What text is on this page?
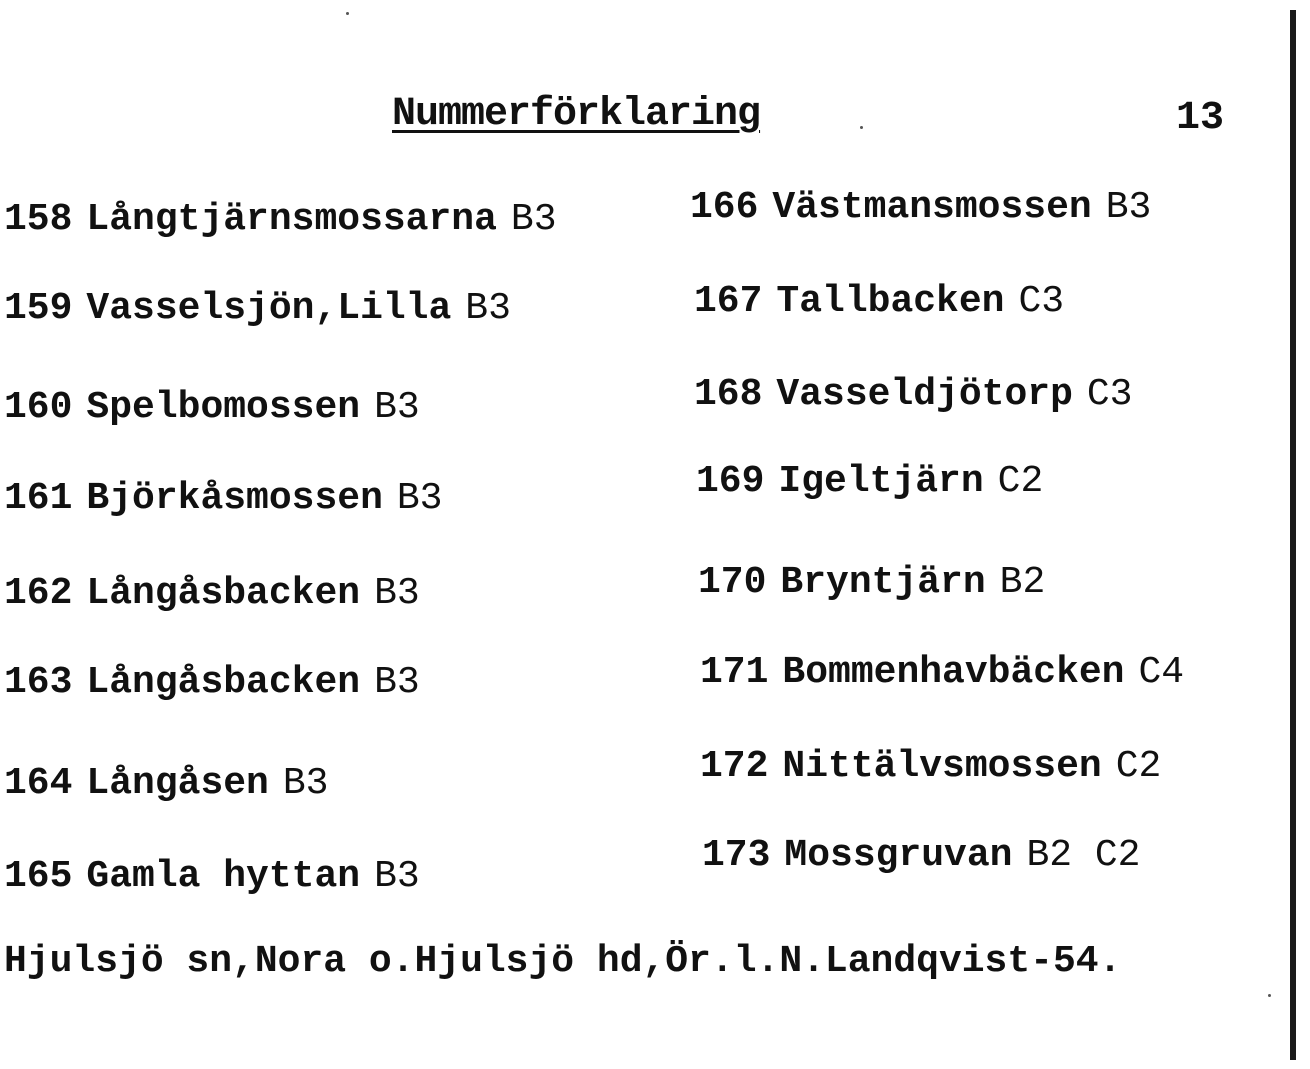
Nummerförklaring	13
158 Långtjärnsmossarna B3
159 Vasselsjön,Lilla B3
160 Spelbomossen B3
161 Björkåsmossen B3
162 Långåsbacken B3
163 Långåsbacken B3
164 Långåsen B3
165 Gamla hyttan B3
166 Västmansmossen B3
167 Tallbacken C3
168 Vasseldjötorp C3
169 Igeltjärn C2
170 Bryntjärn B2
171 Bommenhavbäcken C4
172 Nittälvsmossen C2
173 Mossgruvan B2 C2
Hjulsjö sn,Nora o.Hjulsjö hd,Ör.l.N.Landqvist-54.
